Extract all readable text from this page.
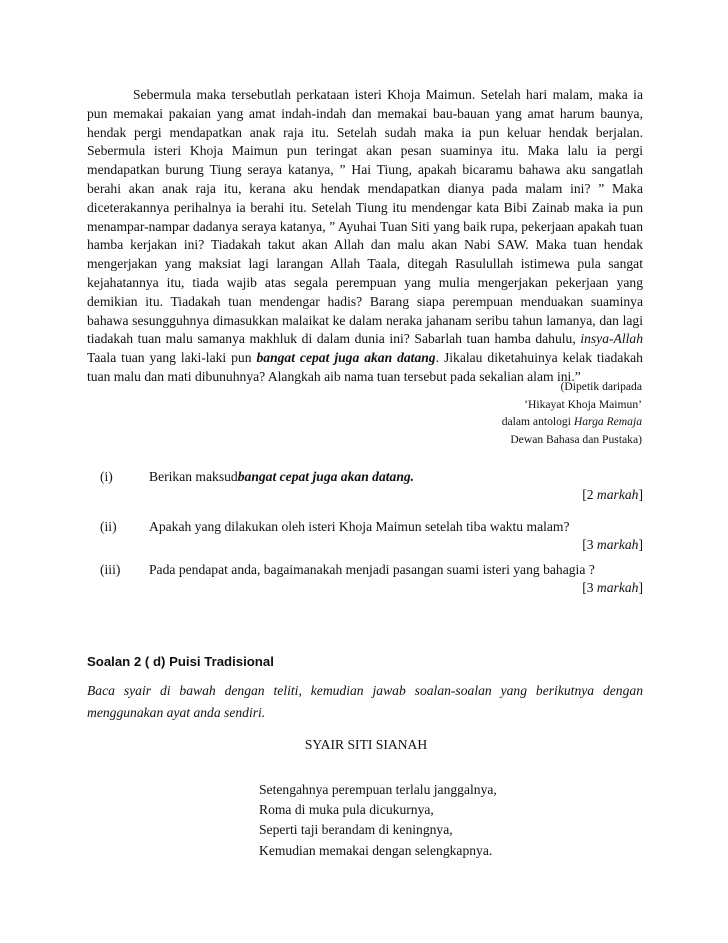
Sebermula maka tersebutlah perkataan isteri Khoja Maimun. Setelah hari malam, maka ia pun memakai pakaian yang amat indah-indah dan memakai bau-bauan yang amat harum baunya, hendak pergi mendapatkan anak raja itu. Setelah sudah maka ia pun keluar hendak berjalan. Sebermula isteri Khoja Maimun pun teringat akan pesan suaminya itu. Maka lalu ia pergi mendapatkan burung Tiung seraya katanya, ” Hai Tiung, apakah bicaramu bahawa aku sangatlah berahi akan anak raja itu, kerana aku hendak mendapatkan dianya pada malam ini? ” Maka diceterakannya perihalnya ia berahi itu. Setelah Tiung itu mendengar kata Bibi Zainab maka ia pun menampar-nampar dadanya seraya katanya, ” Ayuhai Tuan Siti yang baik rupa, pekerjaan apakah tuan hamba kerjakan ini? Tiadakah takut akan Allah dan malu akan Nabi SAW. Maka tuan hendak mengerjakan yang maksiat lagi larangan Allah Taala, ditegah Rasulullah istimewa pula sangat kejahatannya itu, tiada wajib atas segala perempuan yang mulia mengerjakan pekerjaan yang demikian itu. Tiadakah tuan mendengar hadis? Barang siapa perempuan menduakan suaminya bahawa sesungguhnya dimasukkan malaikat ke dalam neraka jahanam seribu tahun lamanya, dan lagi tiadakah tuan malu samanya makhluk di dalam dunia ini? Sabarlah tuan hamba dahulu, insya-Allah Taala tuan yang laki-laki pun bangat cepat juga akan datang. Jikalau diketahuinya kelak tiadakah tuan malu dan mati dibunuhnya? Alangkah aib nama tuan tersebut pada sekalian alam ini.”

(Dipetik daripada
’Hikayat Khoja Maimun’
dalam antologi Harga Remaja
Dewan Bahasa dan Pustaka)
(i)	Berikan maksudbangat cepat juga akan datang.
[2 markah]
(ii) Apakah yang dilakukan oleh isteri Khoja Maimun setelah tiba waktu malam?
[3 markah]
(iii) Pada pendapat anda, bagaimanakah menjadi pasangan suami isteri yang bahagia ?
[3 markah]
Soalan 2 ( d) Puisi Tradisional

Baca syair di bawah dengan teliti, kemudian jawab soalan-soalan yang berikutnya dengan menggunakan ayat anda sendiri.

SYAIR SITI SIANAH
Setengahnya perempuan terlalu janggalnya,
Roma di muka pula dicukurnya,
Seperti taji berandam di keningnya,
Kemudian memakai dengan selengkapnya.
